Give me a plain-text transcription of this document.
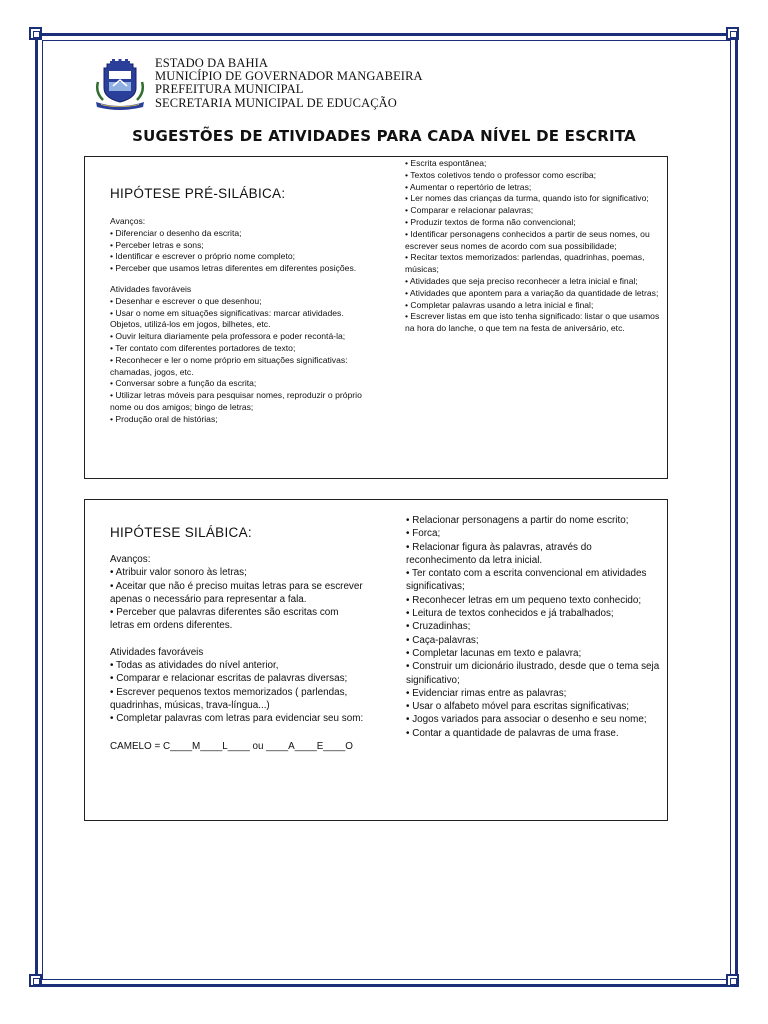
ESTADO DA BAHIA
MUNICÍPIO DE GOVERNADOR MANGABEIRA
PREFEITURA MUNICIPAL
SECRETARIA MUNICIPAL DE EDUCAÇÃO
SUGESTÕES DE ATIVIDADES PARA CADA NÍVEL DE ESCRITA
HIPÓTESE PRÉ-SILÁBICA:
Avanços:
• Diferenciar o desenho da escrita;
• Perceber letras e sons;
• Identificar e escrever o próprio nome completo;
• Perceber que usamos letras diferentes em diferentes posições.
Atividades favoráveis
• Desenhar e escrever o que desenhou;
• Usar o nome em situações significativas: marcar atividades. Objetos, utilizá-los em jogos, bilhetes, etc.
• Ouvir leitura diariamente pela professora e poder recontá-la;
• Ter contato com diferentes portadores de texto;
• Reconhecer e ler o nome próprio em situações significativas: chamadas, jogos, etc.
• Conversar sobre a função da escrita;
• Utilizar letras móveis para pesquisar nomes, reproduzir o próprio nome ou dos amigos; bingo de letras;
• Produção oral de histórias;
• Escrita espontânea;
• Textos coletivos tendo o professor como escriba;
• Aumentar o repertório de letras;
• Ler nomes das crianças da turma, quando isto for significativo;
• Comparar e relacionar palavras;
• Produzir textos de forma não convencional;
• Identificar personagens conhecidos a partir de seus nomes, ou escrever seus nomes de acordo com sua possibilidade;
• Recitar textos memorizados: parlendas, quadrinhas, poemas, músicas;
• Atividades que seja preciso reconhecer a letra inicial e final;
• Atividades que apontem para a variação da quantidade de letras;
• Completar palavras usando a letra inicial e final;
• Escrever listas em que isto tenha significado: listar o que usamos na hora do lanche, o que tem na festa de aniversário, etc.
HIPÓTESE SILÁBICA:
Avanços:
• Atribuir valor sonoro às letras;
• Aceitar que não é preciso muitas letras para se escrever apenas o necessário para representar a fala.
• Perceber que palavras diferentes são escritas com letras em ordens diferentes.
Atividades favoráveis
• Todas as atividades do nível anterior,
• Comparar e relacionar escritas de palavras diversas;
• Escrever pequenos textos memorizados ( parlendas, quadrinhas, músicas, trava-língua...)
• Completar palavras com letras para evidenciar seu som:
CAMELO = C____M____L____ ou ____A____E____O
• Relacionar personagens a partir do nome escrito;
• Forca;
• Relacionar figura às palavras, através do reconhecimento da letra inicial.
• Ter contato com a escrita convencional em atividades significativas;
• Reconhecer letras em um pequeno texto conhecido;
• Leitura de textos conhecidos e já trabalhados;
• Cruzadinhas;
• Caça-palavras;
• Completar lacunas em texto e palavra;
• Construir um dicionário ilustrado, desde que o tema seja significativo;
• Evidenciar rimas entre as palavras;
• Usar o alfabeto móvel para escritas significativas;
• Jogos variados para associar o desenho e seu nome;
• Contar a quantidade de palavras de uma frase.
